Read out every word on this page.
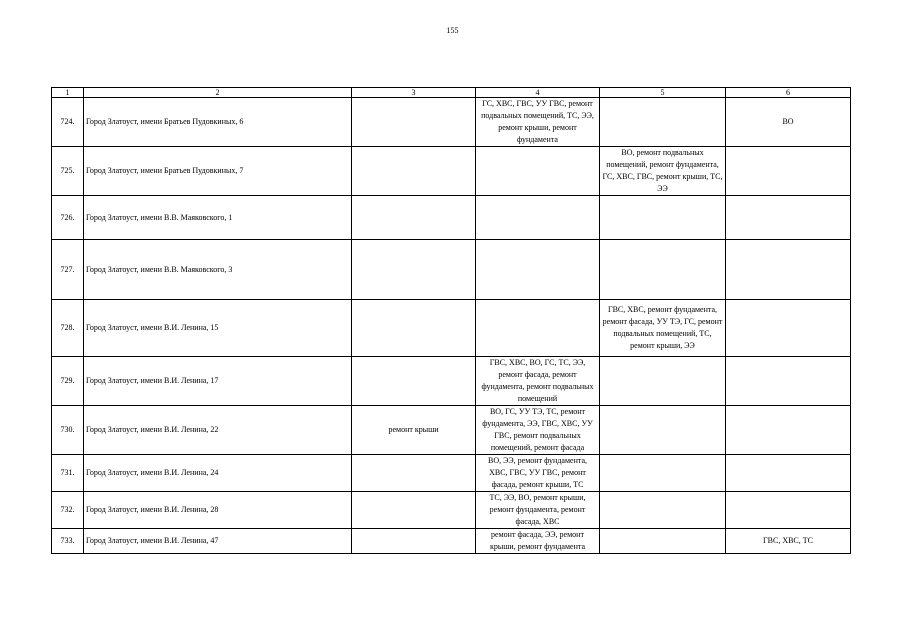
155
1	2	3	4	5	6
724.	Город Златоуст, имени Братьев Пудовкиных, 6		ГС, ХВС, ГВС, УУ ГВС, ремонт подвальных помещений, ТС, ЭЭ, ремонт крыши, ремонт фундамента		ВО
725.	Город Златоуст, имени Братьев Пудовкиных, 7			ВО, ремонт подвальных помещений, ремонт фундамента, ГС, ХВС, ГВС, ремонт крыши, ТС, ЭЭ	
726.	Город Златоуст, имени В.В. Маяковского, 1				
727.	Город Златоуст, имени В.В. Маяковского, 3				
728.	Город Златоуст, имени В.И. Ленина, 15			ГВС, ХВС, ремонт фундамента, ремонт фасада, УУ ТЭ, ГС, ремонт подвальных помещений, ТС, ремонт крыши, ЭЭ	
729.	Город Златоуст, имени В.И. Ленина, 17		ГВС, ХВС, ВО, ГС, ТС, ЭЭ, ремонт фасада, ремонт фундамента, ремонт подвальных помещений		
730.	Город Златоуст, имени В.И. Ленина, 22	ремонт крыши	ВО, ГС, УУ ТЭ, ТС, ремонт фундамента, ЭЭ, ГВС, ХВС, УУ ГВС, ремонт подвальных помещений, ремонт фасада		
731.	Город Златоуст, имени В.И. Ленина, 24		ВО, ЭЭ, ремонт фундамента, ХВС, ГВС, УУ ГВС, ремонт фасада, ремонт крыши, ТС		
732.	Город Златоуст, имени В.И. Ленина, 28		ТС, ЭЭ, ВО, ремонт крыши, ремонт фундамента, ремонт фасада, ХВС		
733.	Город Златоуст, имени В.И. Ленина, 47		ремонт фасада, ЭЭ, ремонт крыши, ремонт фундамента		ГВС, ХВС, ТС
